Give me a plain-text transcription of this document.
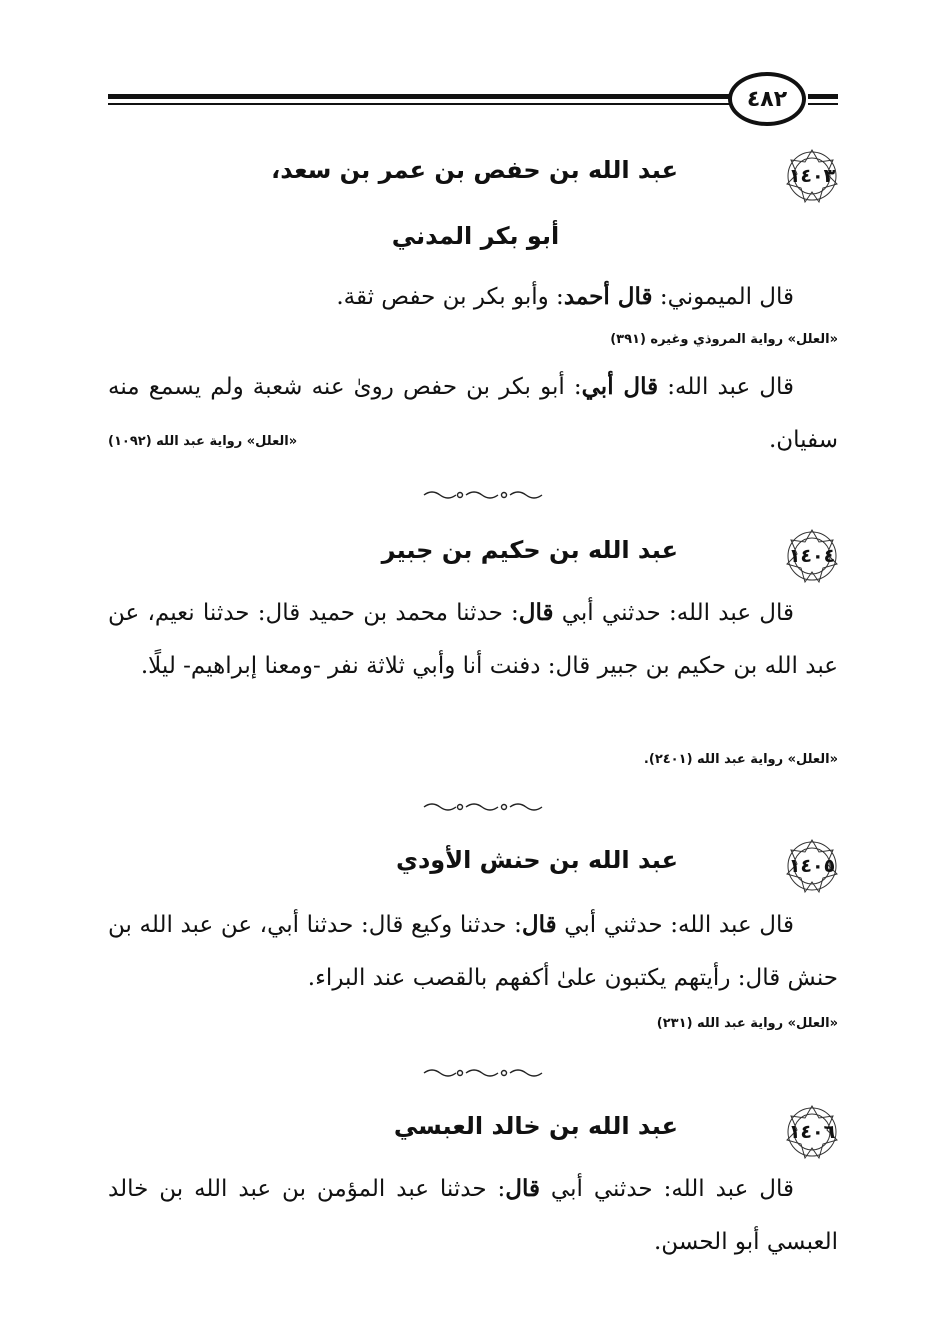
٤٨٢
١٤٠٣
عبد الله بن حفص بن عمر بن سعد،
أبو بكر المدني
قال الميموني: قال أحمد: وأبو بكر بن حفص ثقة.
«العلل» رواية المروذي وغيره (٣٩١)
قال عبد الله: قال أبي: أبو بكر بن حفص روىٰ عنه شعبة ولم يسمع منه سفيان.
«العلل» رواية عبد الله (١٠٩٢)
١٤٠٤
عبد الله بن حكيم بن جبير
قال عبد الله: حدثني أبي قال: حدثنا محمد بن حميد قال: حدثنا نعيم، عن عبد الله بن حكيم بن جبير قال: دفنت أنا وأبي ثلاثة نفر -ومعنا إبراهيم- ليلًا.
«العلل» رواية عبد الله (٢٤٠١).
١٤٠٥
عبد الله بن حنش الأودي
قال عبد الله: حدثني أبي قال: حدثنا وكيع قال: حدثنا أبي، عن عبد الله بن حنش قال: رأيتهم يكتبون علىٰ أكفهم بالقصب عند البراء.
«العلل» رواية عبد الله (٢٣١)
١٤٠٦
عبد الله بن خالد العبسي
قال عبد الله: حدثني أبي قال: حدثنا عبد المؤمن بن عبد الله بن خالد العبسي أبو الحسن.
